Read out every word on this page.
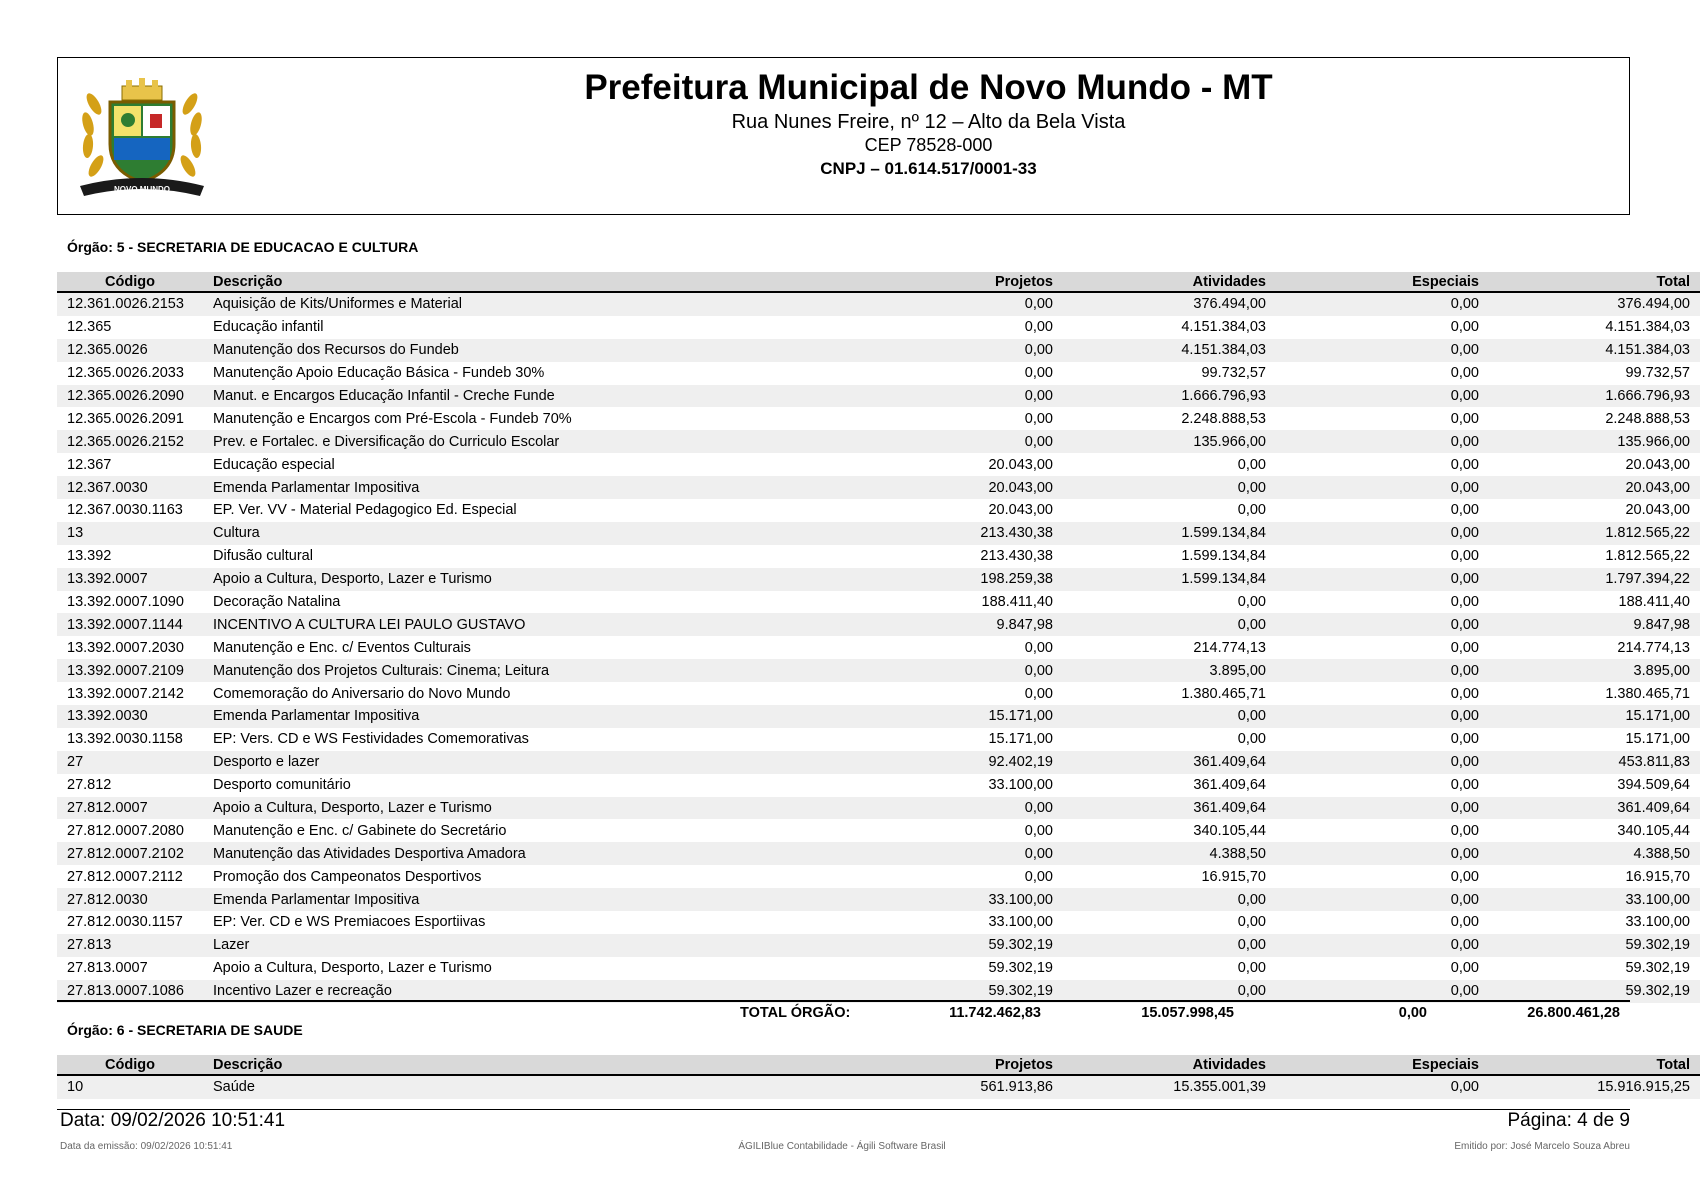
NOVO MUNDO
Prefeitura Municipal de Novo Mundo - MT
Rua Nunes Freire, nº 12 – Alto da Bela Vista
CEP 78528-000
CNPJ – 01.614.517/0001-33
Órgão: 5 - SECRETARIA DE EDUCACAO E CULTURA
Código	Descrição	Projetos	Atividades	Especiais	Total
12.361.0026.2153	Aquisição de Kits/Uniformes e Material	0,00	376.494,00	0,00	376.494,00
12.365	Educação infantil	0,00	4.151.384,03	0,00	4.151.384,03
12.365.0026	Manutenção dos Recursos do Fundeb	0,00	4.151.384,03	0,00	4.151.384,03
12.365.0026.2033	Manutenção Apoio Educação Básica - Fundeb 30%	0,00	99.732,57	0,00	99.732,57
12.365.0026.2090	Manut. e Encargos Educação Infantil - Creche Funde	0,00	1.666.796,93	0,00	1.666.796,93
12.365.0026.2091	Manutenção e Encargos com Pré-Escola - Fundeb 70%	0,00	2.248.888,53	0,00	2.248.888,53
12.365.0026.2152	Prev. e Fortalec. e Diversificação do Curriculo Escolar	0,00	135.966,00	0,00	135.966,00
12.367	Educação especial	20.043,00	0,00	0,00	20.043,00
12.367.0030	Emenda Parlamentar Impositiva	20.043,00	0,00	0,00	20.043,00
12.367.0030.1163	EP. Ver. VV - Material Pedagogico Ed. Especial	20.043,00	0,00	0,00	20.043,00
13	Cultura	213.430,38	1.599.134,84	0,00	1.812.565,22
13.392	Difusão cultural	213.430,38	1.599.134,84	0,00	1.812.565,22
13.392.0007	Apoio a Cultura, Desporto, Lazer e Turismo	198.259,38	1.599.134,84	0,00	1.797.394,22
13.392.0007.1090	Decoração Natalina	188.411,40	0,00	0,00	188.411,40
13.392.0007.1144	INCENTIVO A CULTURA LEI PAULO GUSTAVO	9.847,98	0,00	0,00	9.847,98
13.392.0007.2030	Manutenção e Enc. c/ Eventos Culturais	0,00	214.774,13	0,00	214.774,13
13.392.0007.2109	Manutenção dos Projetos Culturais: Cinema; Leitura	0,00	3.895,00	0,00	3.895,00
13.392.0007.2142	Comemoração do Aniversario do Novo Mundo	0,00	1.380.465,71	0,00	1.380.465,71
13.392.0030	Emenda Parlamentar Impositiva	15.171,00	0,00	0,00	15.171,00
13.392.0030.1158	EP: Vers. CD e WS Festividades Comemorativas	15.171,00	0,00	0,00	15.171,00
27	Desporto e lazer	92.402,19	361.409,64	0,00	453.811,83
27.812	Desporto comunitário	33.100,00	361.409,64	0,00	394.509,64
27.812.0007	Apoio a Cultura, Desporto, Lazer e Turismo	0,00	361.409,64	0,00	361.409,64
27.812.0007.2080	Manutenção e Enc. c/ Gabinete do Secretário	0,00	340.105,44	0,00	340.105,44
27.812.0007.2102	Manutenção das Atividades Desportiva Amadora	0,00	4.388,50	0,00	4.388,50
27.812.0007.2112	Promoção dos Campeonatos Desportivos	0,00	16.915,70	0,00	16.915,70
27.812.0030	Emenda Parlamentar Impositiva	33.100,00	0,00	0,00	33.100,00
27.812.0030.1157	EP: Ver. CD e WS Premiacoes Esportiivas	33.100,00	0,00	0,00	33.100,00
27.813	Lazer	59.302,19	0,00	0,00	59.302,19
27.813.0007	Apoio a Cultura, Desporto, Lazer e Turismo	59.302,19	0,00	0,00	59.302,19
27.813.0007.1086	Incentivo Lazer e recreação	59.302,19	0,00	0,00	59.302,19
TOTAL ÓRGÃO:	11.742.462,83	15.057.998,45	0,00	26.800.461,28
Órgão: 6 - SECRETARIA DE SAUDE
Código	Descrição	Projetos	Atividades	Especiais	Total
10	Saúde	561.913,86	15.355.001,39	0,00	15.916.915,25
Data: 09/02/2026 10:51:41	Página: 4 de 9
Data da emissão: 09/02/2026 10:51:41	ÁGILIBlue Contabilidade - Ágili Software Brasil	Emitido por: José Marcelo Souza Abreu
